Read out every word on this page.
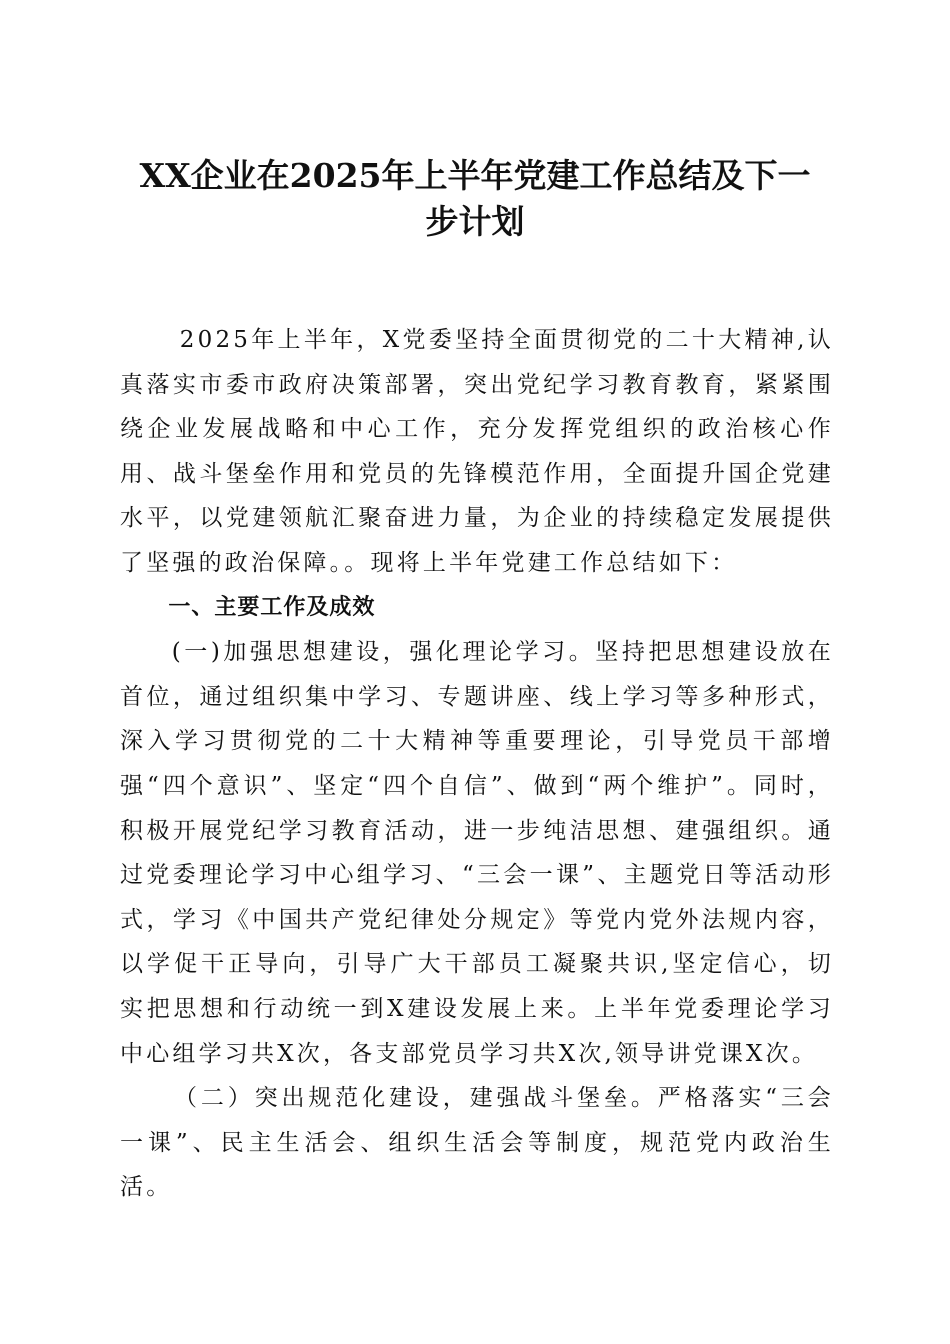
XX企业在2025年上半年党建工作总结及下一
步计划

2025年上半年，X党委坚持全面贯彻党的二十大精神,认真落实市委市政府决策部署，突出党纪学习教育教育，紧紧围绕企业发展战略和中心工作，充分发挥党组织的政治核心作用、战斗堡垒作用和党员的先锋模范作用，全面提升国企党建水平，以党建领航汇聚奋进力量，为企业的持续稳定发展提供了坚强的政治保障。。现将上半年党建工作总结如下：

一、主要工作及成效

(一)加强思想建设，强化理论学习。坚持把思想建设放在首位，通过组织集中学习、专题讲座、线上学习等多种形式，深入学习贯彻党的二十大精神等重要理论，引导党员干部增强“四个意识”、坚定“四个自信”、做到“两个维护”。同时，积极开展党纪学习教育活动，进一步纯洁思想、建强组织。通过党委理论学习中心组学习、“三会一课”、主题党日等活动形式，学习《中国共产党纪律处分规定》等党内党外法规内容，以学促干正导向，引导广大干部员工凝聚共识,坚定信心，切实把思想和行动统一到X建设发展上来。上半年党委理论学习中心组学习共X次，各支部党员学习共X次,领导讲党课X次。

（二）突出规范化建设，建强战斗堡垒。严格落实“三会一课”、民主生活会、组织生活会等制度，规范党内政治生活。
